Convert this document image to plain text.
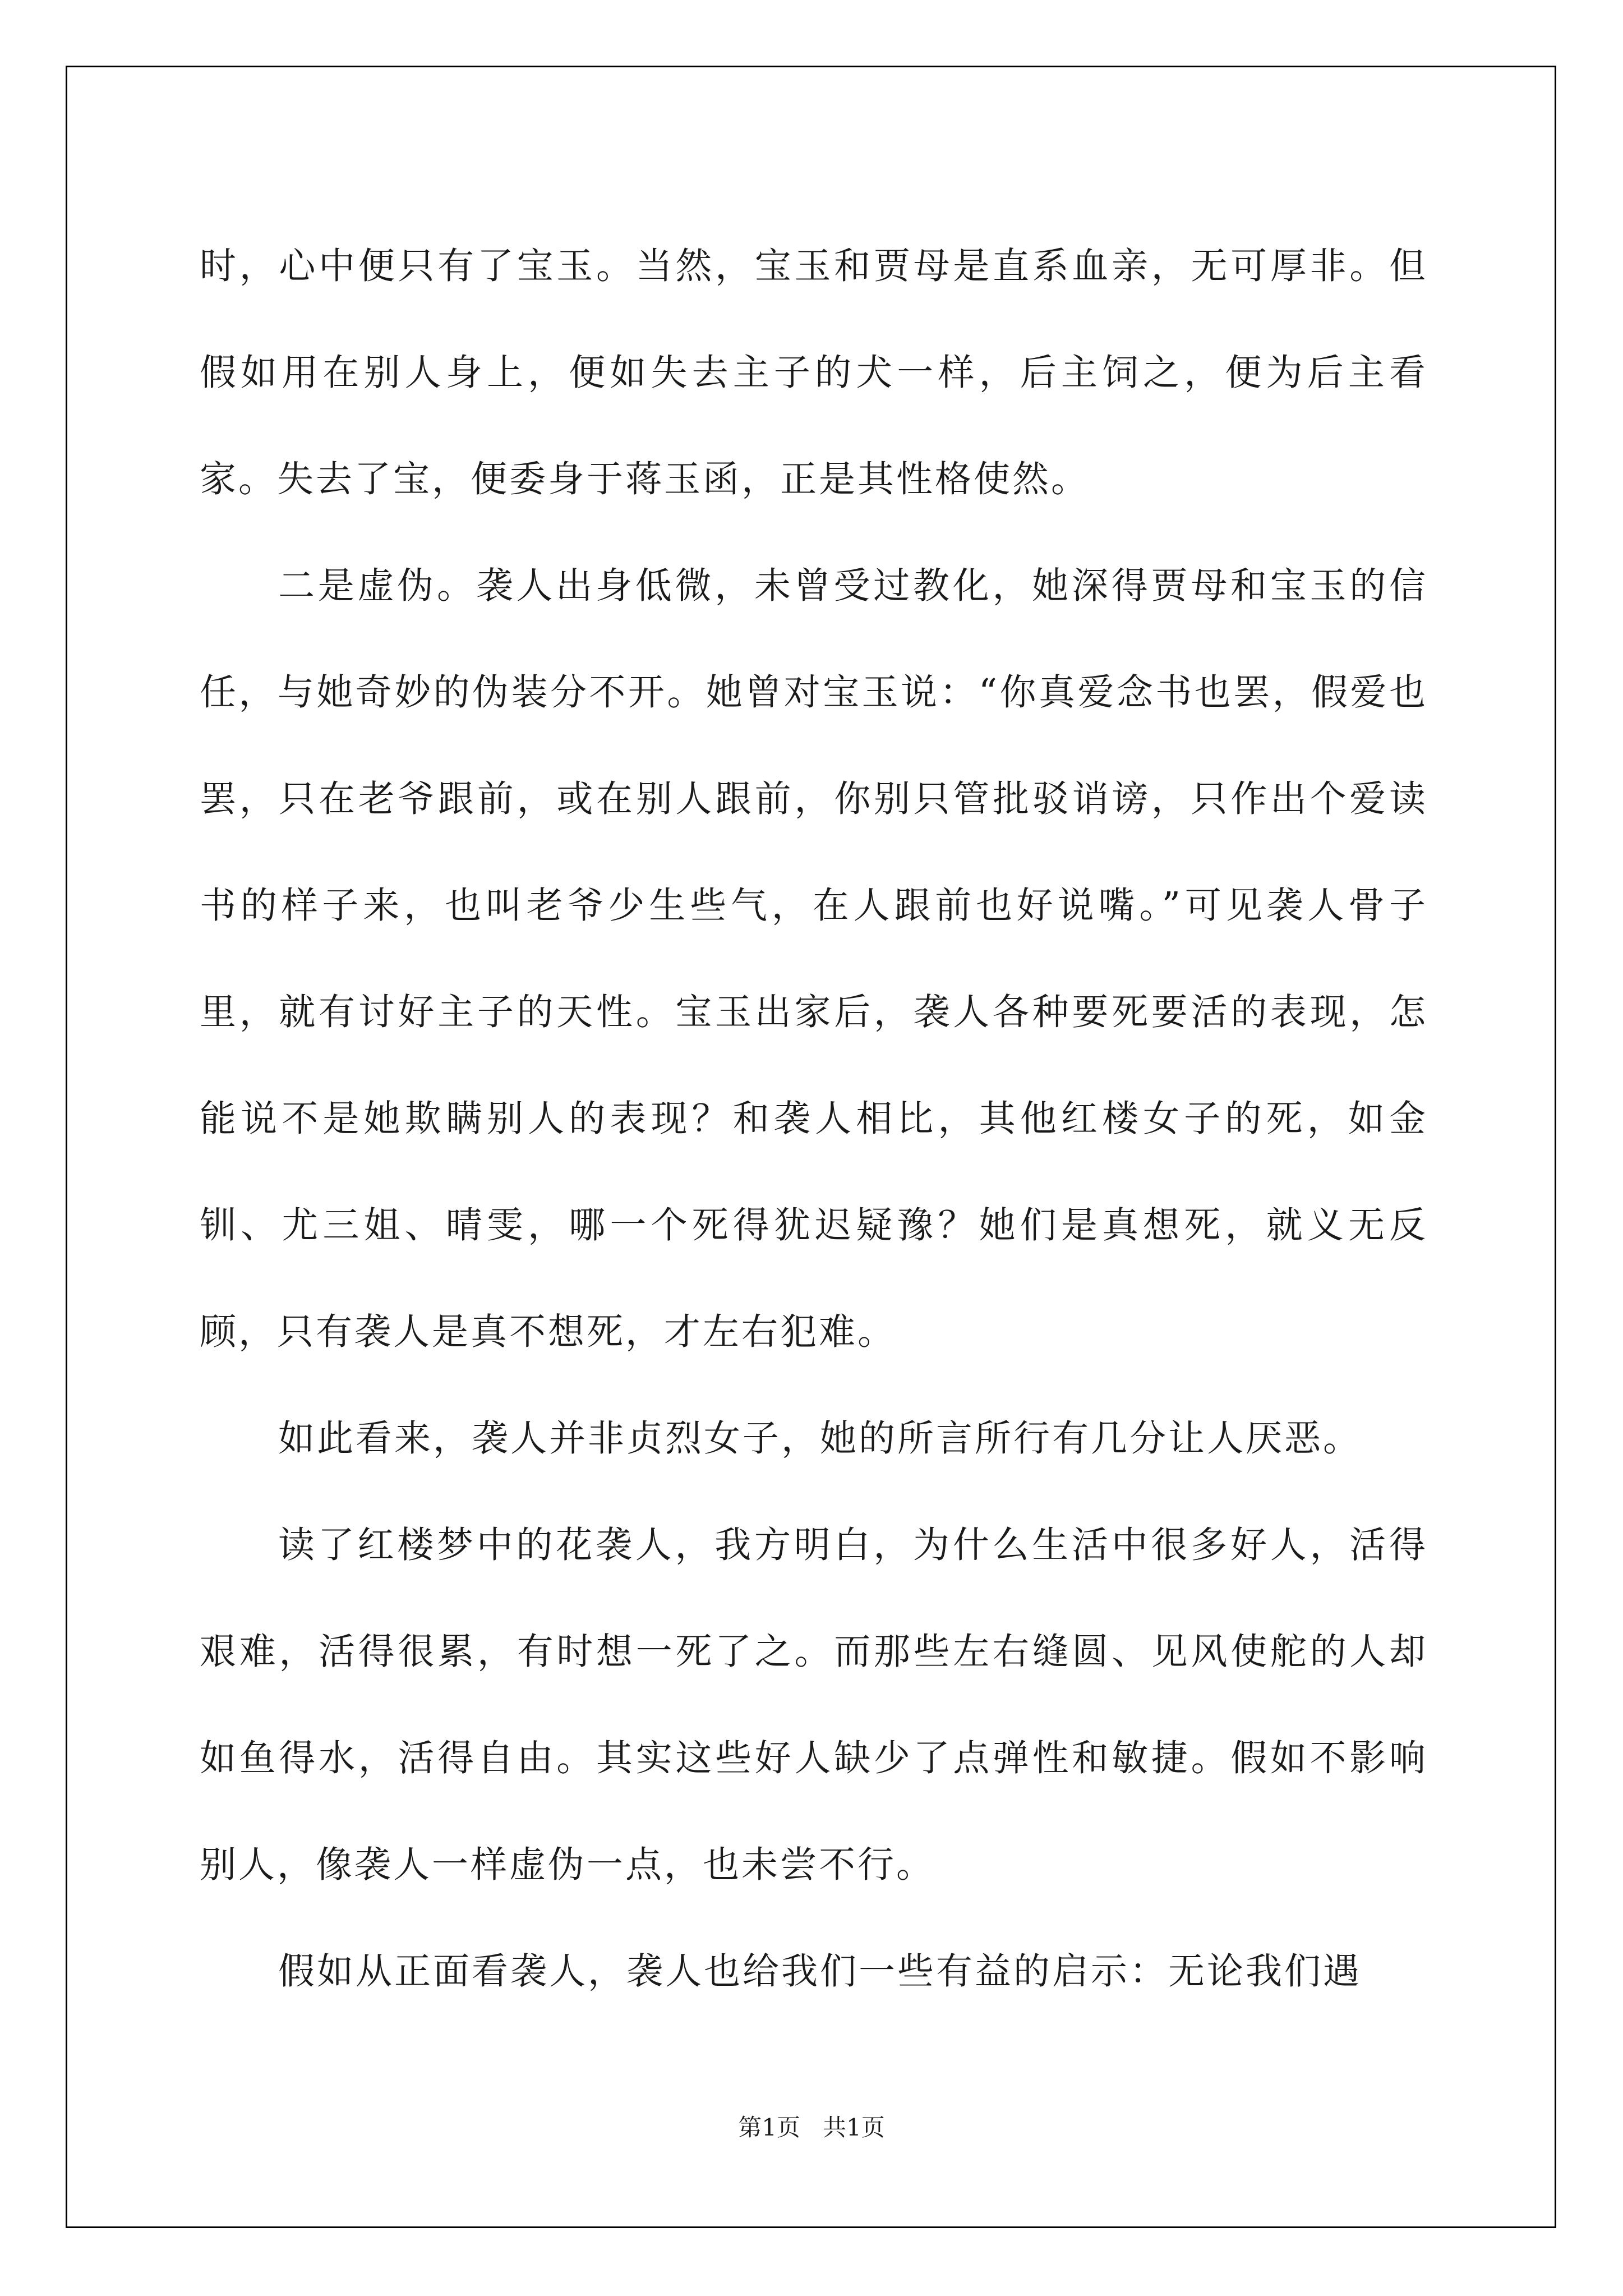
时，心中便只有了宝玉。当然，宝玉和贾母是直系血亲，无可厚非。但假如用在别人身上，便如失去主子的犬一样，后主饲之，便为后主看家。失去了宝，便委身于蒋玉函，正是其性格使然。

二是虚伪。袭人出身低微，未曾受过教化，她深得贾母和宝玉的信任，与她奇妙的伪装分不开。她曾对宝玉说：“你真爱念书也罢，假爱也罢，只在老爷跟前，或在别人跟前，你别只管批驳诮谤，只作出个爱读书的样子来，也叫老爷少生些气，在人跟前也好说嘴。”可见袭人骨子里，就有讨好主子的天性。宝玉出家后，袭人各种要死要活的表现，怎能说不是她欺瞒别人的表现？和袭人相比，其他红楼女子的死，如金钏、尤三姐、晴雯，哪一个死得犹迟疑豫？她们是真想死，就义无反顾，只有袭人是真不想死，才左右犯难。

如此看来，袭人并非贞烈女子，她的所言所行有几分让人厌恶。

读了红楼梦中的花袭人，我方明白，为什么生活中很多好人，活得艰难，活得很累，有时想一死了之。而那些左右缝圆、见风使舵的人却如鱼得水，活得自由。其实这些好人缺少了点弹性和敏捷。假如不影响别人，像袭人一样虚伪一点，也未尝不行。

假如从正面看袭人，袭人也给我们一些有益的启示：无论我们遇

第1页   共1页
